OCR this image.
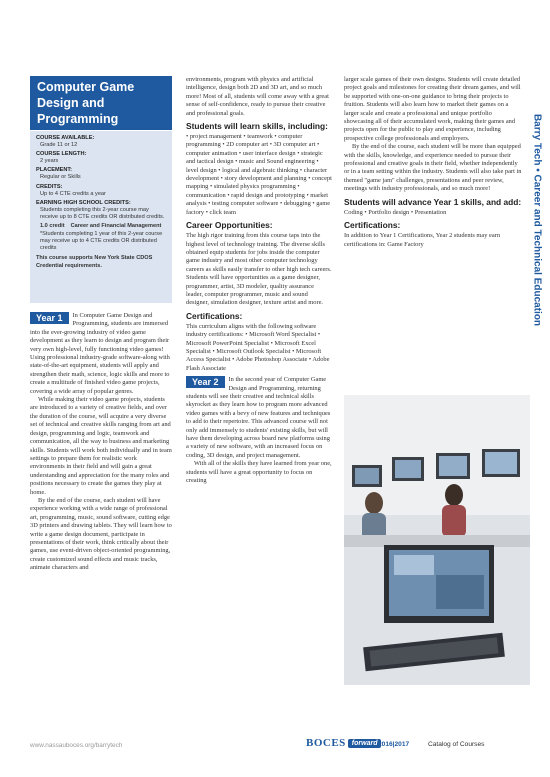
Computer Game
Design and
Programming
COURSE AVAILABLE:
Grade 11 or 12
COURSE LENGTH:
2 years
PLACEMENT:
Regular or Skills
CREDITS:
Up to 4 CTE credits a year
EARNING HIGH SCHOOL CREDITS:
Students completing this 2-year course may receive up to 8 CTE credits OR distributed credits.
1.0 credit	Career and Financial Management
*Students completing 1 year of this 2-year course may receive up to 4 CTE credits OR distributed credits
This course supports New York State CDOS Credential requirements.

Year 1	In Computer Game Design and Programming, students are immersed into the ever-growing industry of video game development as they learn to design and program their very own high-level, fully functioning video games! Using professional industry-grade software-along with state-of-the-art equipment, students will apply and strengthen their math, science, logic skills and more to create a multitude of finished video game projects, covering a wide array of popular genres.

While making their video game projects, students are introduced to a variety of creative fields, and over the duration of the course, will acquire a very diverse set of technical and creative skills ranging from art and design, programming and logic, teamwork and communication, all the way to business and marketing skills. Students will work both individually and in team settings to prepare them for realistic work environments in their field and will gain a great understanding and appreciation for the many roles and positions necessary to create the games they play at home.

By the end of the course, each student will have experience working with a wide range of professional art, programming, music, sound software, cutting edge 3D printers and drawing tablets. They will learn how to write a game design document, participate in presentations of their work, think critically about their games, use event-driven object-oriented programming, create customized sound effects and music tracks, animate characters and

environments, program with physics and artificial intelligence, design both 2D and 3D art, and so much more! Most of all, students will come away with a great sense of self-confidence, ready to pursue their creative and professional goals.

Students will learn skills, including:

• project management • teamwork • computer programming • 2D computer art • 3D computer art • computer animation • user interface design • strategic and tactical design • music and Sound engineering • level design • logical and algebraic thinking • character development • story development and planning • concept mapping • simulated physics programming • communication • rapid design and prototyping • market analysis • testing computer software • debugging • game factory • click team

Career Opportunities:

The high rigor training from this course taps into the highest level of technology training. The diverse skills obtained equip students for jobs inside the computer game industry and most other computer technology careers as skills easily transfer to other high tech careers. Students will have opportunities as a game designer, programmer, artist, 3D modeler, quality assurance leader, computer programmer, music and sound designer, simulation designer, texture artist and more.

Certifications:

This curriculum aligns with the following software industry certifications: • Microsoft Word Specialist • Microsoft PowerPoint Specialist • Microsoft Excel Specialist • Microsoft Outlook Specialist • Microsoft Access Specialist • Adobe Photoshop Associate • Adobe Flash Associate

Year 2	In the second year of Computer Game Design and Programming, returning students will see their creative and technical skills skyrocket as they learn how to program more advanced video games with a bevy of new features and techniques to add to their repertoire. This advanced course will not only add immensely to students' existing skills, but will have them developing across board new platforms using a variety of new software, with an increased focus on coding, 3D design, and project management.

With all of the skills they have learned from year one, students will have a great opportunity to focus on creating

larger scale games of their own designs. Students will create detailed project goals and milestones for creating their dream games, and will be supported with one-on-one guidance to bring their projects to fruition. Students will also learn how to market their games on a larger scale and create a professional and unique portfolio showcasing all of their accumulated work, making their games and projects open for the public to play and experience, including prospective college professionals and employers.

By the end of the course, each student will be more than equipped with the skills, knowledge, and experience needed to pursue their professional and creative goals in their field, whether independently or in a team setting within the industry. Students will also take part in themed "game jam" challenges, presentations and peer review, meetings with industry professionals, and so much more!

Students will advance Year 1 skills, and add:

Coding • Portfolio design • Presentation

Certifications:

In addition to Year 1 Certifications, Year 2 students may earn certifications in: Game Factory	Barry Tech • Career and Technical Education
www.nassauboces.org/barrytech	BOCES forward 2016|2017	Catalog of Courses
